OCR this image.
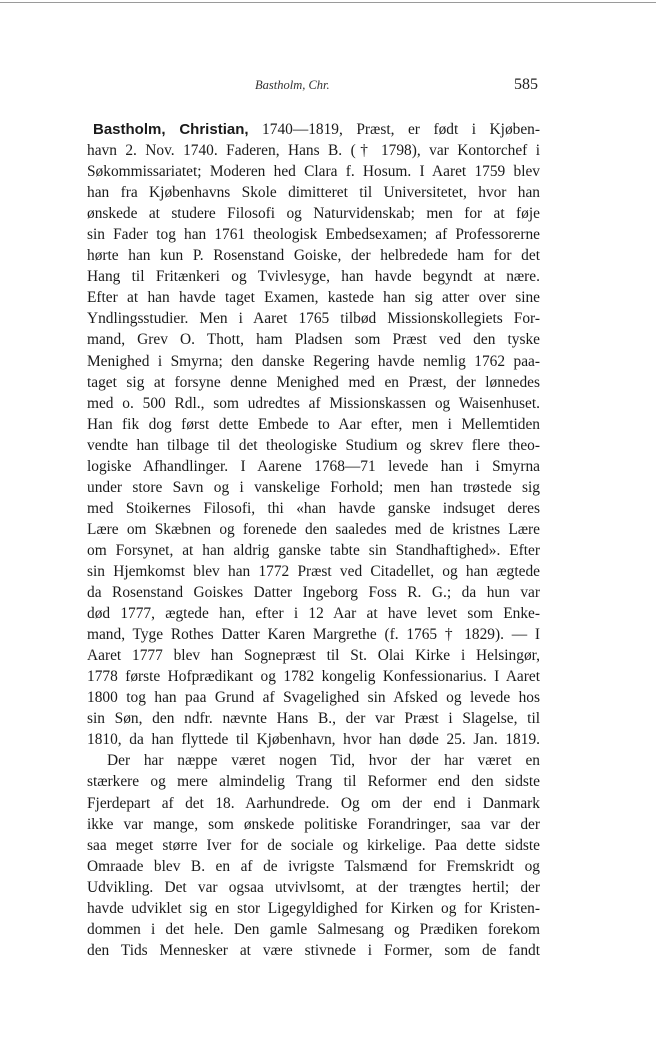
Bastholm, Chr.	585
Bastholm, Christian, 1740—1819, Præst, er født i Kjøben-
havn 2. Nov. 1740. Faderen, Hans B. († 1798), var Kontorchef i
Søkommissariatet; Moderen hed Clara f. Hosum. I Aaret 1759 blev
han fra Kjøbenhavns Skole dimitteret til Universitetet, hvor han
ønskede at studere Filosofi og Naturvidenskab; men for at føje
sin Fader tog han 1761 theologisk Embedsexamen; af Professorerne
hørte han kun P. Rosenstand Goiske, der helbredede ham for det
Hang til Fritænkeri og Tvivlesyge, han havde begyndt at nære.
Efter at han havde taget Examen, kastede han sig atter over sine
Yndlingsstudier. Men i Aaret 1765 tilbød Missionskollegiets For-
mand, Grev O. Thott, ham Pladsen som Præst ved den tyske
Menighed i Smyrna; den danske Regering havde nemlig 1762 paa-
taget sig at forsyne denne Menighed med en Præst, der lønnedes
med o. 500 Rdl., som udredtes af Missionskassen og Waisenhuset.
Han fik dog først dette Embede to Aar efter, men i Mellemtiden
vendte han tilbage til det theologiske Studium og skrev flere theo-
logiske Afhandlinger. I Aarene 1768—71 levede han i Smyrna
under store Savn og i vanskelige Forhold; men han trøstede sig
med Stoikernes Filosofi, thi «han havde ganske indsuget deres
Lære om Skæbnen og forenede den saaledes med de kristnes Lære
om Forsynet, at han aldrig ganske tabte sin Standhaftighed». Efter
sin Hjemkomst blev han 1772 Præst ved Citadellet, og han ægtede
da Rosenstand Goiskes Datter Ingeborg Foss R. G.; da hun var
død 1777, ægtede han, efter i 12 Aar at have levet som Enke-
mand, Tyge Rothes Datter Karen Margrethe (f. 1765 † 1829). — I
Aaret 1777 blev han Sognepræst til St. Olai Kirke i Helsingør,
1778 første Hofprædikant og 1782 kongelig Konfessionarius. I Aaret
1800 tog han paa Grund af Svagelighed sin Afsked og levede hos
sin Søn, den ndfr. nævnte Hans B., der var Præst i Slagelse, til
1810, da han flyttede til Kjøbenhavn, hvor han døde 25. Jan. 1819.
Der har næppe været nogen Tid, hvor der har været en
stærkere og mere almindelig Trang til Reformer end den sidste
Fjerdepart af det 18. Aarhundrede. Og om der end i Danmark
ikke var mange, som ønskede politiske Forandringer, saa var der
saa meget større Iver for de sociale og kirkelige. Paa dette sidste
Omraade blev B. en af de ivrigste Talsmænd for Fremskridt og
Udvikling. Det var ogsaa utvivlsomt, at der trængtes hertil; der
havde udviklet sig en stor Ligegyldighed for Kirken og for Kristen-
dommen i det hele. Den gamle Salmesang og Prædiken forekom
den Tids Mennesker at være stivnede i Former, som de fandt
